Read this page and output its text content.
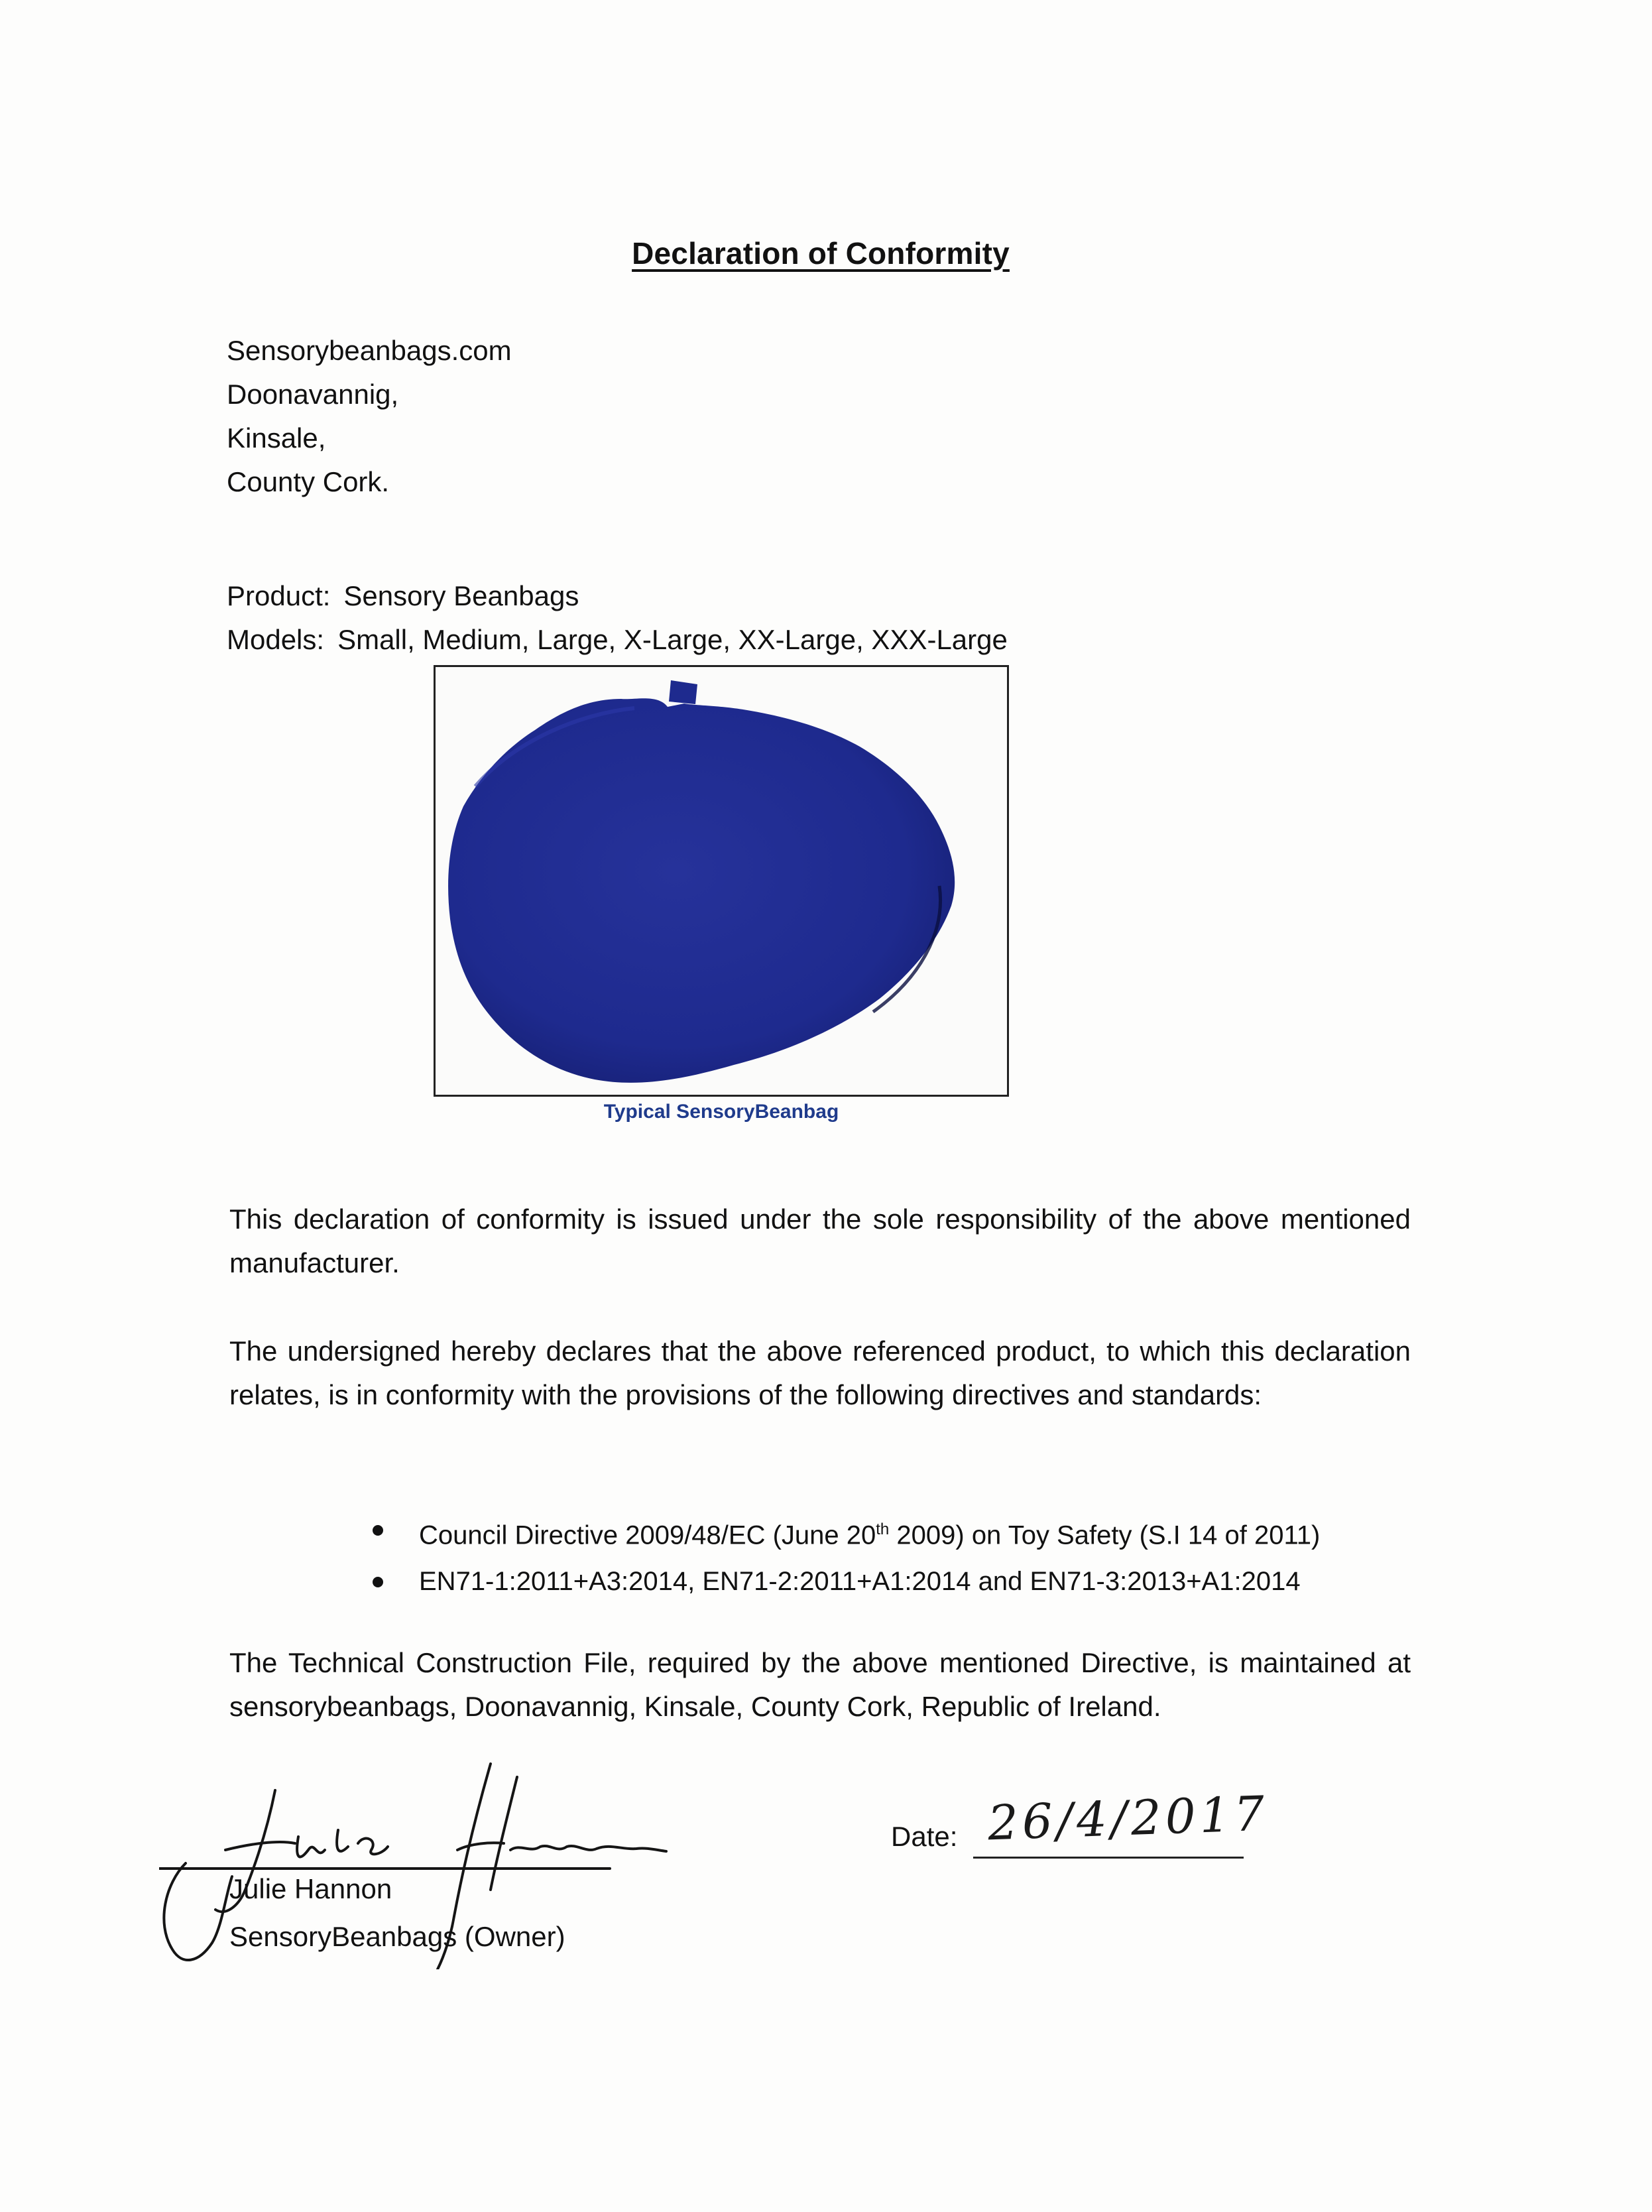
Declaration of Conformity
Sensorybeanbags.com
Doonavannig,
Kinsale,
County Cork.
Product: Sensory Beanbags
Models: Small, Medium, Large, X-Large, XX-Large, XXX-Large
Typical SensoryBeanbag
This declaration of conformity is issued under the sole responsibility of the above mentioned manufacturer.
The undersigned hereby declares that the above referenced product, to which this declaration relates, is in conformity with the provisions of the following directives and standards:
Council Directive 2009/48/EC (June 20th 2009) on Toy Safety (S.I 14 of 2011)
EN71-1:2011+A3:2014, EN71-2:2011+A1:2014 and EN71-3:2013+A1:2014
The Technical Construction File, required by the above mentioned Directive, is maintained at sensorybeanbags, Doonavannig, Kinsale, County Cork, Republic of Ireland.
Julie Hannon
Julie Hannon
SensoryBeanbags (Owner)
Date: 26/4/2017
